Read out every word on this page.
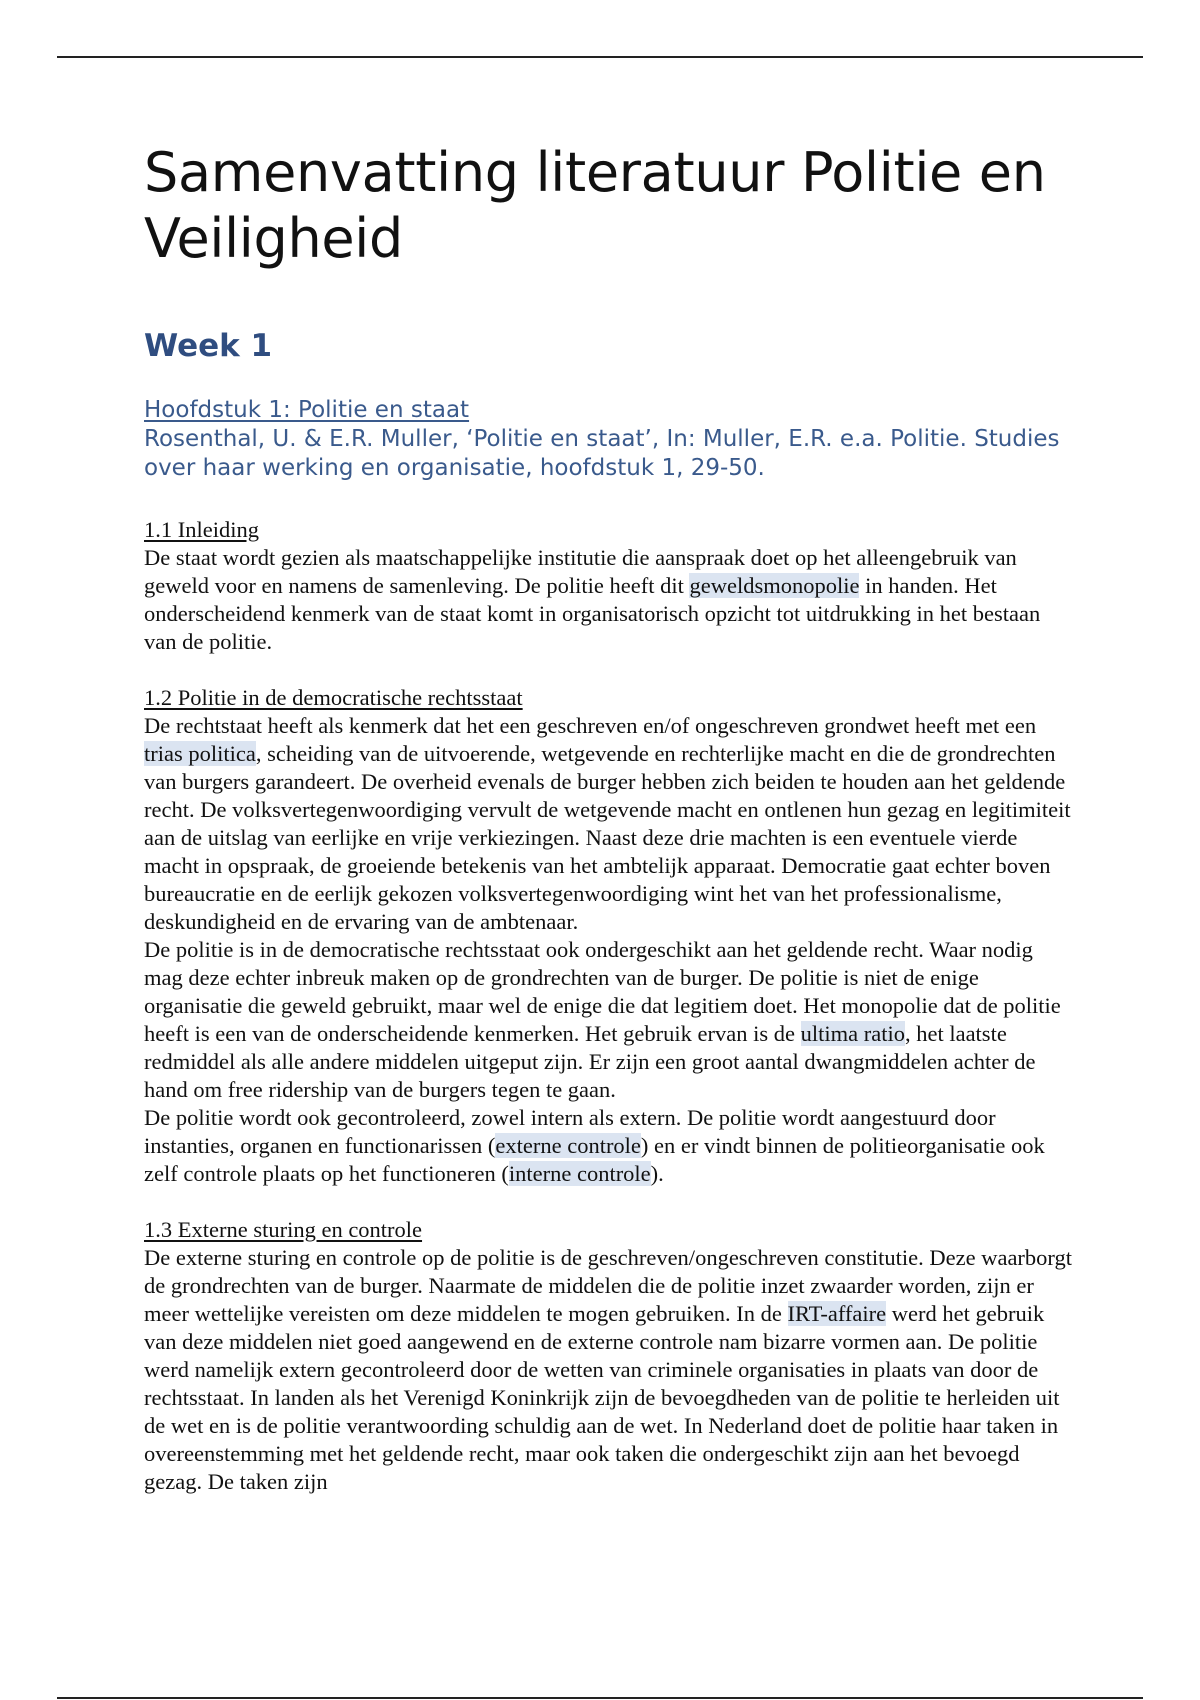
Samenvatting literatuur Politie en Veiligheid
Week 1
Hoofdstuk 1: Politie en staat
Rosenthal, U. & E.R. Muller, ‘Politie en staat’, In: Muller, E.R. e.a. Politie. Studies over haar werking en organisatie, hoofdstuk 1, 29-50.
1.1 Inleiding

De staat wordt gezien als maatschappelijke institutie die aanspraak doet op het alleengebruik van geweld voor en namens de samenleving. De politie heeft dit geweldsmonopolie in handen. Het onderscheidend kenmerk van de staat komt in organisatorisch opzicht tot uitdrukking in het bestaan van de politie.

1.2 Politie in de democratische rechtsstaat

De rechtstaat heeft als kenmerk dat het een geschreven en/of ongeschreven grondwet heeft met een trias politica, scheiding van de uitvoerende, wetgevende en rechterlijke macht en die de grondrechten van burgers garandeert. De overheid evenals de burger hebben zich beiden te houden aan het geldende recht. De volksvertegenwoordiging vervult de wetgevende macht en ontlenen hun gezag en legitimiteit aan de uitslag van eerlijke en vrije verkiezingen. Naast deze drie machten is een eventuele vierde macht in opspraak, de groeiende betekenis van het ambtelijk apparaat. Democratie gaat echter boven bureaucratie en de eerlijk gekozen volksvertegenwoordiging wint het van het professionalisme, deskundigheid en de ervaring van de ambtenaar.

De politie is in de democratische rechtsstaat ook ondergeschikt aan het geldende recht. Waar nodig mag deze echter inbreuk maken op de grondrechten van de burger. De politie is niet de enige organisatie die geweld gebruikt, maar wel de enige die dat legitiem doet. Het monopolie dat de politie heeft is een van de onderscheidende kenmerken. Het gebruik ervan is de ultima ratio, het laatste redmiddel als alle andere middelen uitgeput zijn. Er zijn een groot aantal dwangmiddelen achter de hand om free ridership van de burgers tegen te gaan.

De politie wordt ook gecontroleerd, zowel intern als extern. De politie wordt aangestuurd door instanties, organen en functionarissen (externe controle) en er vindt binnen de politieorganisatie ook zelf controle plaats op het functioneren (interne controle).

1.3 Externe sturing en controle

De externe sturing en controle op de politie is de geschreven/ongeschreven constitutie. Deze waarborgt de grondrechten van de burger. Naarmate de middelen die de politie inzet zwaarder worden, zijn er meer wettelijke vereisten om deze middelen te mogen gebruiken. In de IRT-affaire werd het gebruik van deze middelen niet goed aangewend en de externe controle nam bizarre vormen aan. De politie werd namelijk extern gecontroleerd door de wetten van criminele organisaties in plaats van door de rechtsstaat. In landen als het Verenigd Koninkrijk zijn de bevoegdheden van de politie te herleiden uit de wet en is de politie verantwoording schuldig aan de wet. In Nederland doet de politie haar taken in overeenstemming met het geldende recht, maar ook taken die ondergeschikt zijn aan het bevoegd gezag. De taken zijn
